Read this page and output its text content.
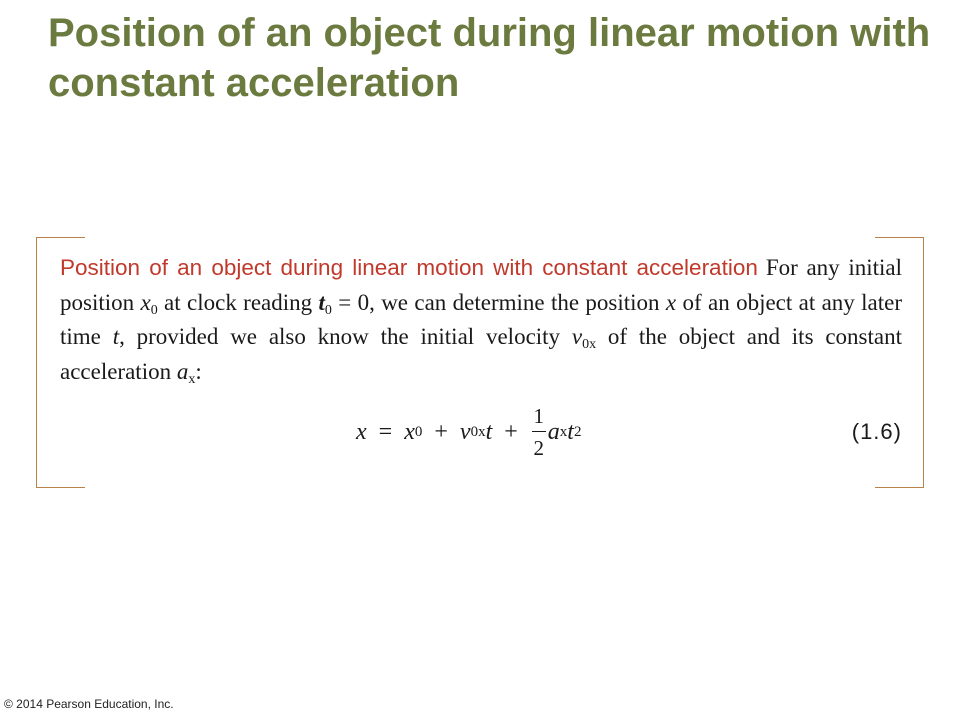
Position of an object during linear motion with constant acceleration

Position of an object during linear motion with constant acceleration For any initial position $x_0$ at clock reading $t_0 = 0$, we can determine the position x of an object at any later time t, provided we also know the initial velocity $v_{0x}$ of the object and its constant acceleration $a_x$:

x = x 0 + v 0x $t + \frac{1}{2}$ a x t 2	(1.6)

© 2014 Pearson Education, Inc.
